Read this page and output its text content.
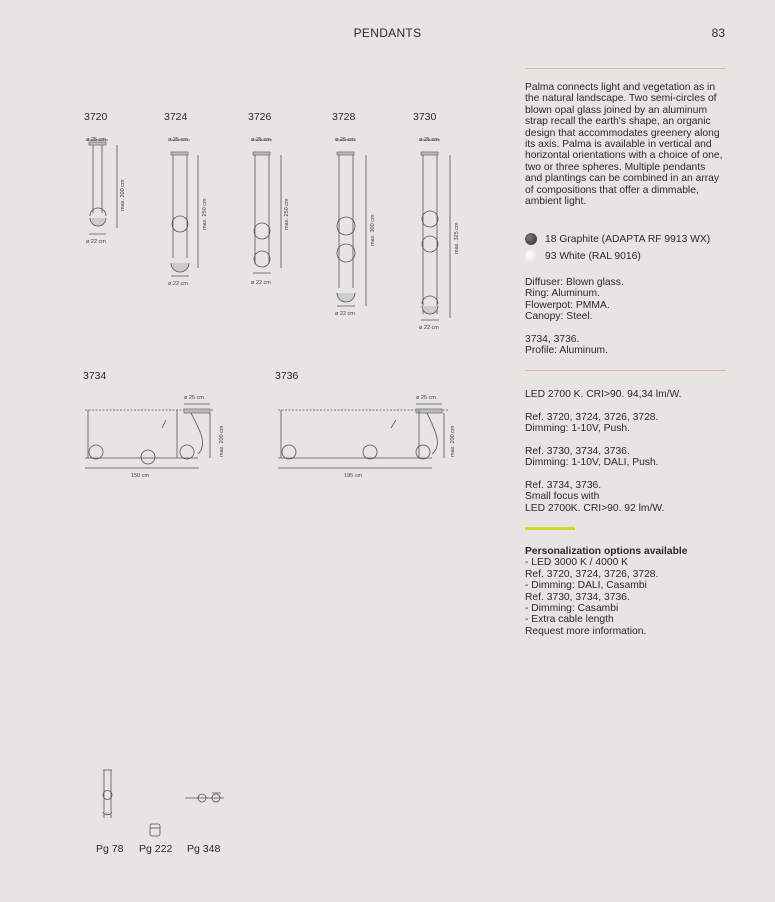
PENDANTS	83
3720	3724	3726	3728	3730
ø 25 cm
ø 22 cm
max. 200 cm
ø 25 cm
ø 22 cm
max. 250 cm
ø 25 cm
ø 22 cm
max. 250 cm
ø 25 cm
ø 22 cm
max. 300 cm
ø 25 cm
ø 22 cm
max. 325 cm
3734	3736
ø 25 cm
max. 200 cm
150 cm
ø 25 cm
max. 200 cm
195 cm
Palma connects light and vegetation as in
the natural landscape. Two semi-circles of
blown opal glass joined by an aluminum
strap recall the earth's shape, an organic
design that accommodates greenery along
its axis. Palma is available in vertical and
horizontal orientations with a choice of one,
two or three spheres. Multiple pendants
and plantings can be combined in an array
of compositions that offer a dimmable,
ambient light.
18 Graphite (ADAPTA RF 9913 WX)
93 White (RAL 9016)
Diffuser: Blown glass.
Ring: Aluminum.
Flowerpot: PMMA.
Canopy: Steel.
3734, 3736.
Profile: Aluminum.
LED 2700 K. CRI>90. 94,34 lm/W.
Ref. 3720, 3724, 3726, 3728.
Dimming: 1-10V, Push.
Ref. 3730, 3734, 3736.
Dimming: 1-10V, DALI, Push.
Ref. 3734, 3736.
Small focus with
LED 2700K. CRI>90. 92 lm/W.
Personalization options available
- LED 3000 K / 4000 K
Ref. 3720, 3724, 3726, 3728.
- Dimming: DALI, Casambi
Ref. 3730, 3734, 3736.
- Dimming: Casambi
- Extra cable length
Request more information.
Pg 78 Pg 222 Pg 348
